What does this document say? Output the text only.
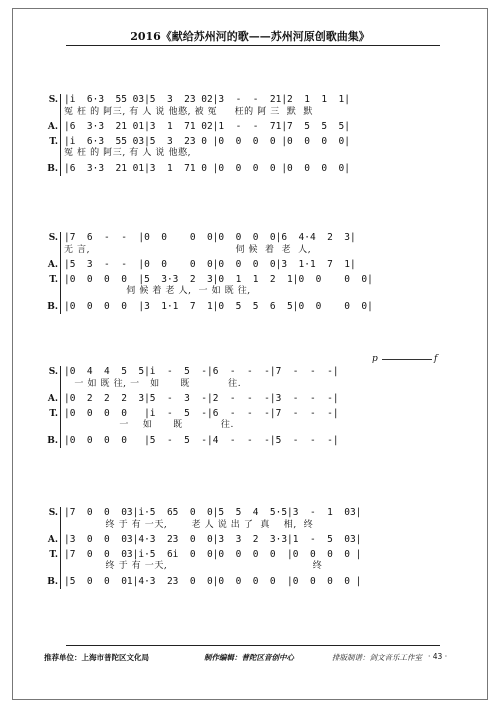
2016《献给苏州河的歌——苏州河原创歌曲集》
S. |i  6·3  55 03|5  3  23 02|3  -  -  21|2  1  1  1|
冤 枉 的 阿三, 有 人 说 他憨, 被 冤     枉的 阿 三  默  默
A. |6  3·3  21 01|3  1  71 02|1  -  -  71|7  5  5  5|
T. |i  6·3  55 03|5  3  23 0 |0  0  0  0 |0  0  0  0|
冤 枉 的 阿三, 有 人 说 他憨,
B. |6  3·3  21 01|3  1  71 0 |0  0  0  0 |0  0  0  0|
S. |7  6  -  -  |0  0    0  0|0  0  0  0|6  4·4  2  3|
无 言,                                          伺 候  着  老  人,
A. |5  3  -  -  |0  0    0  0|0  0  0  0|3  1·1  7  1|
T. |0  0  0  0  |5  3·3  2  3|0  1  1  2  1|0  0    0  0|
伺 候 着 老 人,  一 如 既 往,
B. |0  0  0  0  |3  1·1  7  1|0  5  5  6  5|0  0    0  0|
S. |0  4  4  5  5|i  -  5  -|6  -  -  -|7  -  -  -|
一 如 既 往, 一   如      既           往.
A. |0  2  2  2  3|5  -  3  -|2  -  -  -|3  -  -  -|
T. |0  0  0  0   |i  -  5  -|6  -  -  -|7  -  -  -|
一    如      既           往.
B. |0  0  0  0   |5  -  5  -|4  -  -  -|5  -  -  -|
p	f
S. |7  0  0  03|i·5  65  0  0|5  5  4  5·5|3  -  1  03|
终 于 有 一天,       老 人 说 出 了  真    相,  终
A. |3  0  0  03|4·3  23  0  0|3  3  2  3·3|1  -  5  03|
T. |7  0  0  03|i·5  6i  0  0|0  0  0  0  |0  0  0  0 |
终 于 有 一天,                                          终
B. |5  0  0  01|4·3  23  0  0|0  0  0  0  |0  0  0  0 |
推荐单位：上海市普陀区文化局	制作编辑：普陀区音创中心	排版制谱：剑文音乐工作室 · 43 ·
